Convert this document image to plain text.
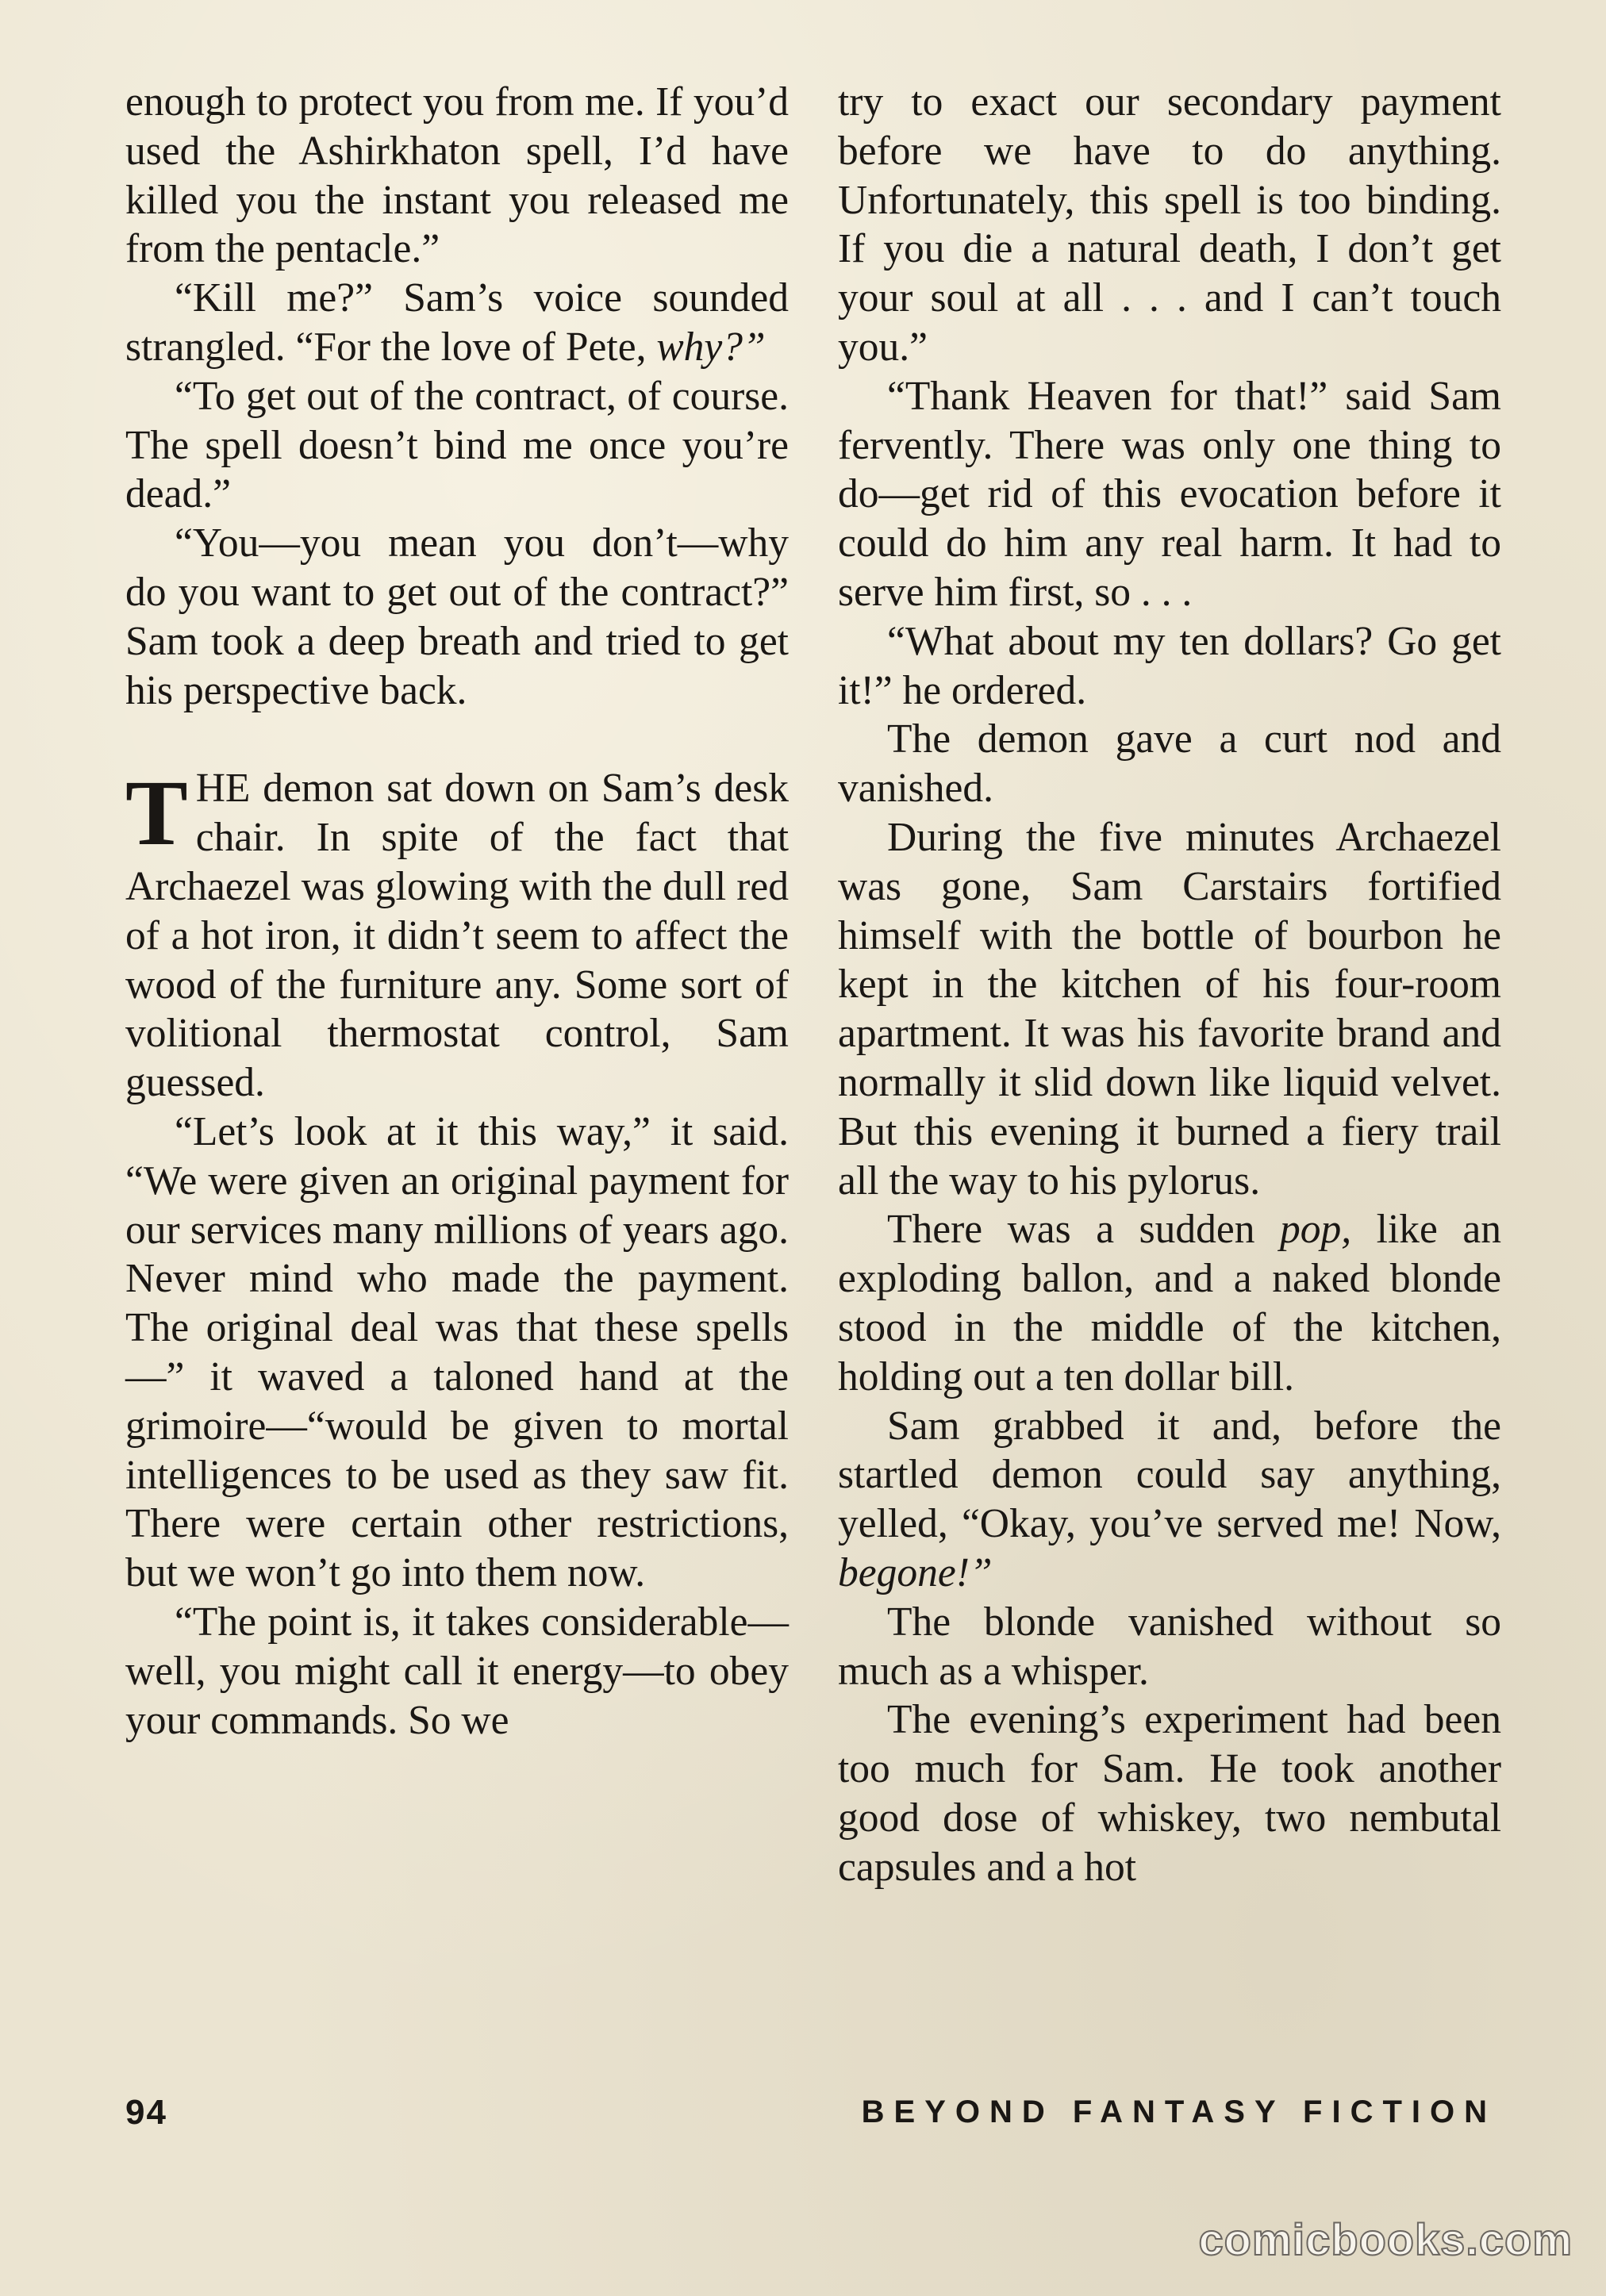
enough to protect you from me. If you’d used the Ashirkhaton spell, I’d have killed you the instant you released me from the pentacle.”

“Kill me?” Sam’s voice sounded strangled. “For the love of Pete, why?”

“To get out of the contract, of course. The spell doesn’t bind me once you’re dead.”

“You—you mean you don’t—why do you want to get out of the contract?” Sam took a deep breath and tried to get his perspective back.

THE demon sat down on Sam’s desk chair. In spite of the fact that Archaezel was glowing with the dull red of a hot iron, it didn’t seem to affect the wood of the furniture any. Some sort of volitional thermostat control, Sam guessed.

“Let’s look at it this way,” it said. “We were given an original payment for our services many millions of years ago. Never mind who made the payment. The original deal was that these spells—” it waved a taloned hand at the grimoire—“would be given to mortal intelligences to be used as they saw fit. There were certain other restrictions, but we won’t go into them now.

“The point is, it takes considerable—well, you might call it energy—to obey your commands. So we

try to exact our secondary payment before we have to do anything. Unfortunately, this spell is too binding. If you die a natural death, I don’t get your soul at all . . . and I can’t touch you.”

“Thank Heaven for that!” said Sam fervently. There was only one thing to do—get rid of this evocation before it could do him any real harm. It had to serve him first, so . . .

“What about my ten dollars? Go get it!” he ordered.

The demon gave a curt nod and vanished.

During the five minutes Archaezel was gone, Sam Carstairs fortified himself with the bottle of bourbon he kept in the kitchen of his four-room apartment. It was his favorite brand and normally it slid down like liquid velvet. But this evening it burned a fiery trail all the way to his pylorus.

There was a sudden pop, like an exploding ballon, and a naked blonde stood in the middle of the kitchen, holding out a ten dollar bill.

Sam grabbed it and, before the startled demon could say anything, yelled, “Okay, you’ve served me! Now, begone!”

The blonde vanished without so much as a whisper.

The evening’s experiment had been too much for Sam. He took another good dose of whiskey, two nembutal capsules and a hot

94	BEYOND FANTASY FICTION
comicbooks.com
